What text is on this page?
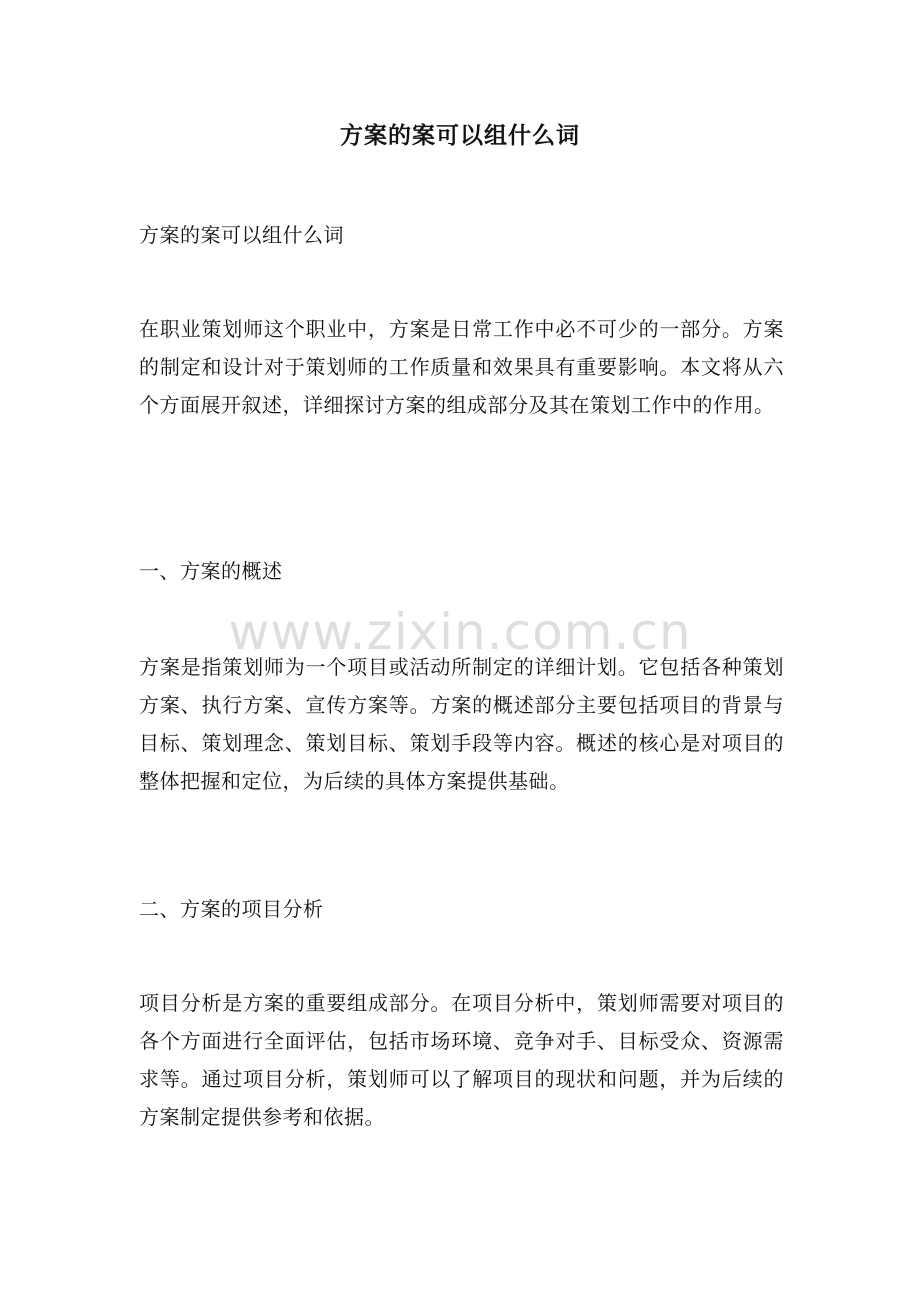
方案的案可以组什么词
方案的案可以组什么词
在职业策划师这个职业中，方案是日常工作中必不可少的一部分。方案的制定和设计对于策划师的工作质量和效果具有重要影响。本文将从六个方面展开叙述，详细探讨方案的组成部分及其在策划工作中的作用。
一、方案的概述
方案是指策划师为一个项目或活动所制定的详细计划。它包括各种策划方案、执行方案、宣传方案等。方案的概述部分主要包括项目的背景与目标、策划理念、策划目标、策划手段等内容。概述的核心是对项目的整体把握和定位，为后续的具体方案提供基础。
二、方案的项目分析
项目分析是方案的重要组成部分。在项目分析中，策划师需要对项目的各个方面进行全面评估，包括市场环境、竞争对手、目标受众、资源需求等。通过项目分析，策划师可以了解项目的现状和问题，并为后续的方案制定提供参考和依据。
www.zixin.com.cn
